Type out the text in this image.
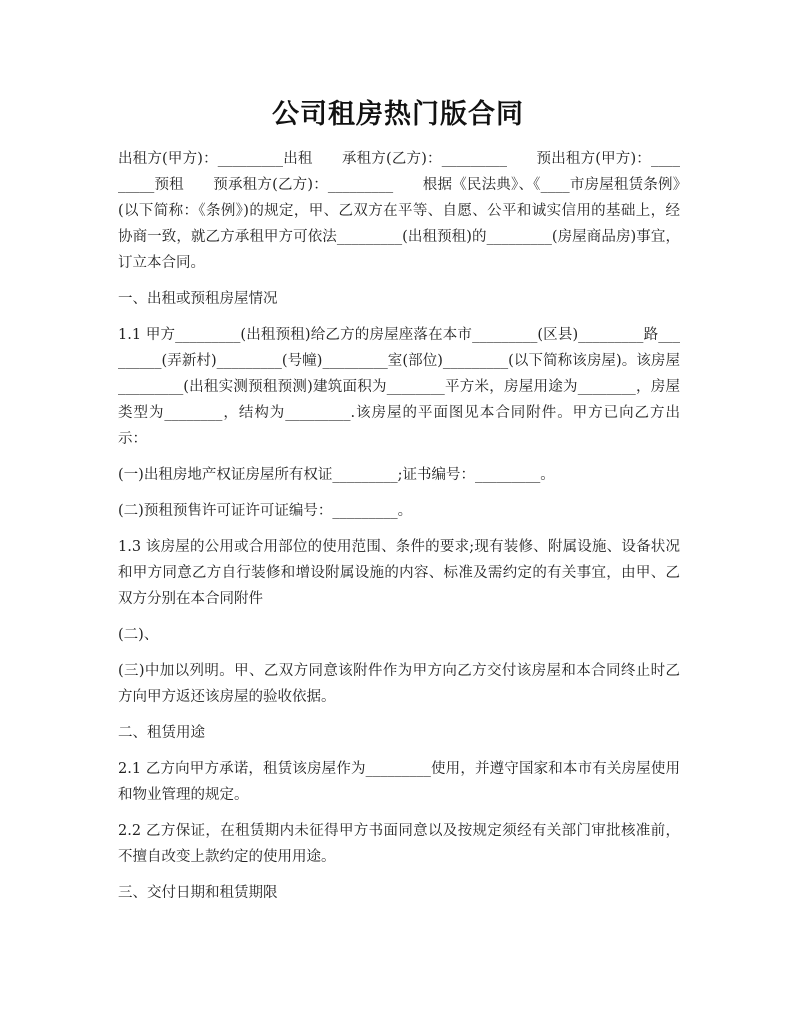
公司租房热门版合同

出租方(甲方)：_________出租　　承租方(乙方)：_________　　预出租方(甲方)：_________预租　　预承租方(乙方)：_________　　根据《民法典》、《____市房屋租赁条例》(以下简称：《条例》)的规定，甲、乙双方在平等、自愿、公平和诚实信用的基础上，经协商一致，就乙方承租甲方可依法_________(出租预租)的_________(房屋商品房)事宜，订立本合同。

一、出租或预租房屋情况

1.1 甲方_________(出租预租)给乙方的房屋座落在本市_________(区县)_________路_________(弄新村)_________(号幢)_________室(部位)_________(以下简称该房屋)。该房屋_________(出租实测预租预测)建筑面积为________平方米，房屋用途为________，房屋类型为________，结构为_________.该房屋的平面图见本合同附件。甲方已向乙方出示：

(一)出租房地产权证房屋所有权证_________;证书编号：_________。

(二)预租预售许可证许可证编号：_________。

1.3 该房屋的公用或合用部位的使用范围、条件的要求;现有装修、附属设施、设备状况和甲方同意乙方自行装修和增设附属设施的内容、标准及需约定的有关事宜，由甲、乙双方分别在本合同附件

(二)、

(三)中加以列明。甲、乙双方同意该附件作为甲方向乙方交付该房屋和本合同终止时乙方向甲方返还该房屋的验收依据。

二、租赁用途

2.1 乙方向甲方承诺，租赁该房屋作为_________使用，并遵守国家和本市有关房屋使用和物业管理的规定。

2.2 乙方保证，在租赁期内未征得甲方书面同意以及按规定须经有关部门审批核准前，不擅自改变上款约定的使用用途。

三、交付日期和租赁期限
